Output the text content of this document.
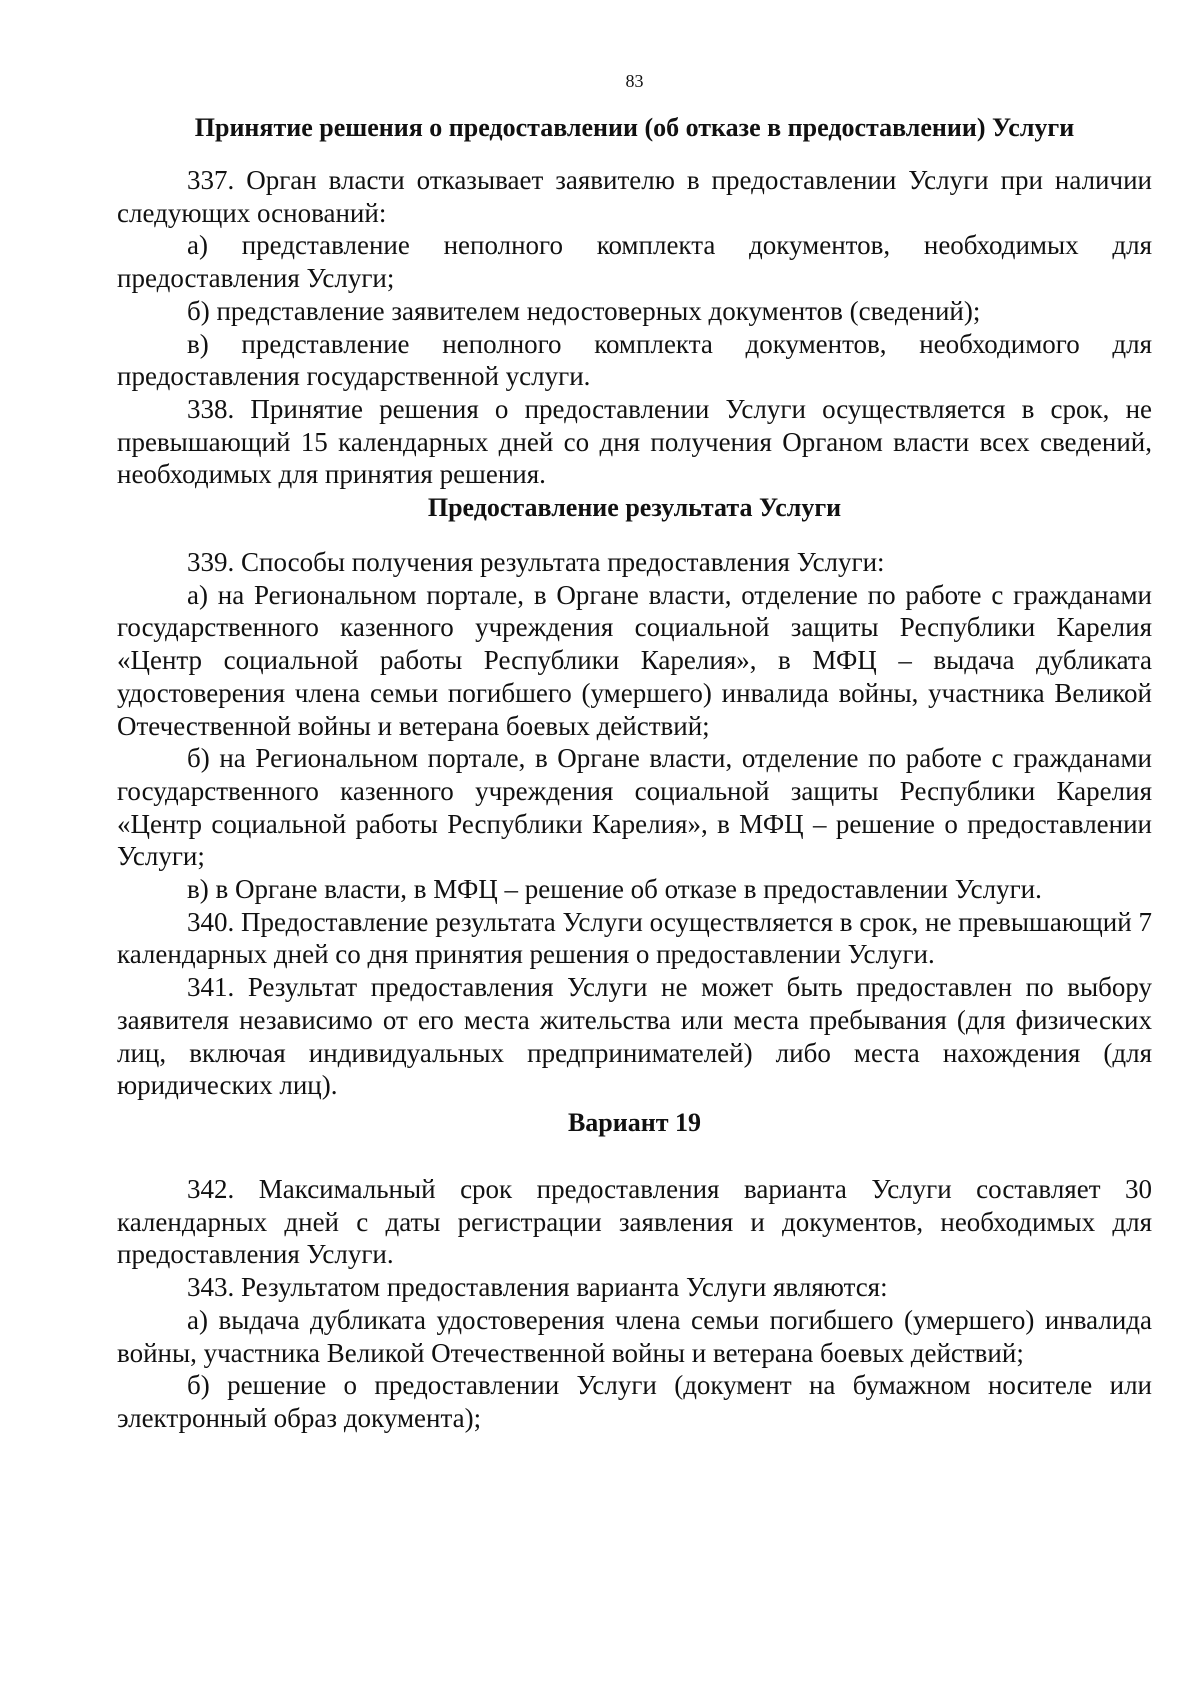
83
Принятие решения о предоставлении (об отказе в предоставлении) Услуги

337. Орган власти отказывает заявителю в предоставлении Услуги при наличии следующих оснований:

а) представление неполного комплекта документов, необходимых для предоставления Услуги;

б) представление заявителем недостоверных документов (сведений);

в) представление неполного комплекта документов, необходимого для предоставления государственной услуги.

338. Принятие решения о предоставлении Услуги осуществляется в срок, не превышающий 15 календарных дней со дня получения Органом власти всех сведений, необходимых для принятия решения.

Предоставление результата Услуги

339. Способы получения результата предоставления Услуги:

а) на Региональном портале, в Органе власти, отделение по работе с гражданами государственного казенного учреждения социальной защиты Республики Карелия «Центр социальной работы Республики Карелия», в МФЦ – выдача дубликата удостоверения члена семьи погибшего (умершего) инвалида войны, участника Великой Отечественной войны и ветерана боевых действий;

б) на Региональном портале, в Органе власти, отделение по работе с гражданами государственного казенного учреждения социальной защиты Республики Карелия «Центр социальной работы Республики Карелия», в МФЦ – решение о предоставлении Услуги;

в) в Органе власти, в МФЦ – решение об отказе в предоставлении Услуги.

340. Предоставление результата Услуги осуществляется в срок, не превышающий 7 календарных дней со дня принятия решения о предоставлении Услуги.

341. Результат предоставления Услуги не может быть предоставлен по выбору заявителя независимо от его места жительства или места пребывания (для физических лиц, включая индивидуальных предпринимателей) либо места нахождения (для юридических лиц).

Вариант 19

342. Максимальный срок предоставления варианта Услуги составляет 30 календарных дней с даты регистрации заявления и документов, необходимых для предоставления Услуги.

343. Результатом предоставления варианта Услуги являются:

а) выдача дубликата удостоверения члена семьи погибшего (умершего) инвалида войны, участника Великой Отечественной войны и ветерана боевых действий;

б) решение о предоставлении Услуги (документ на бумажном носителе или электронный образ документа);
